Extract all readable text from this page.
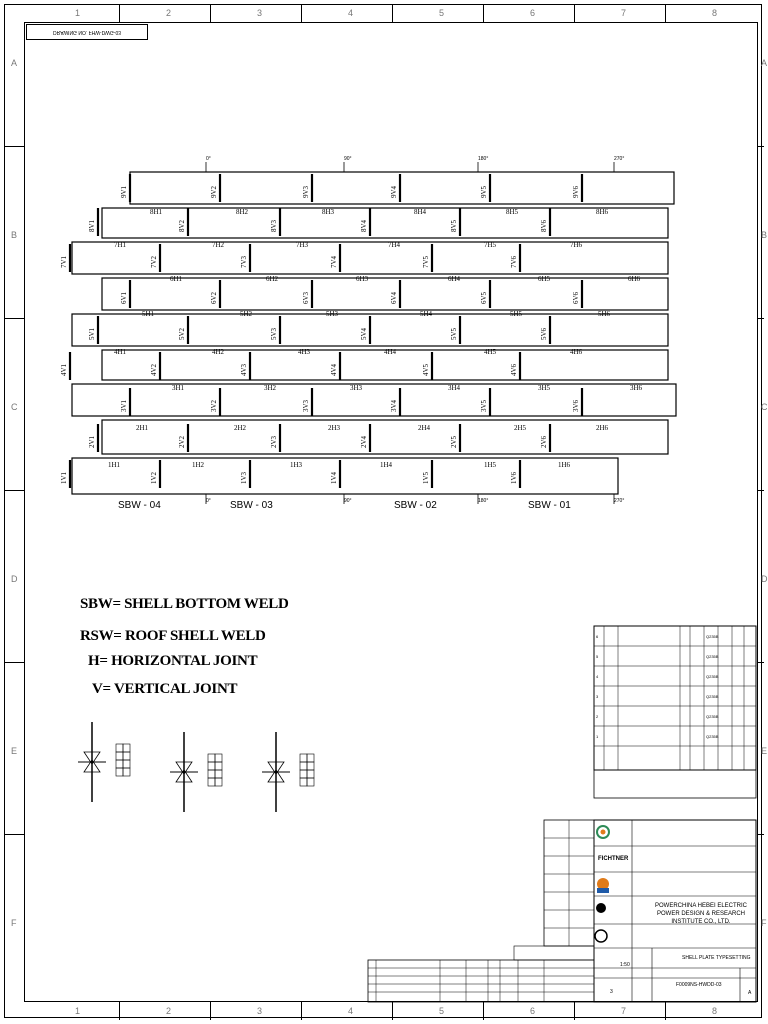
1
1
2
2
3
3
4
4
5
5
6
6
7
7
8
8
A	A
B	B
C	C
D	D
E	E
F	F
DRAWING NO. FHW-DWG-03
8H1	8H2	8H3	8H4	8H5	8H6
7H1	7H2	7H3	7H4	7H5	7H6
6H1	6H2	6H3	6H4	6H5	6H6
5H1	5H2	5H3	5H4	5H5	5H6
4H1	4H2	4H3	4H4	4H5	4H6
3H1	3H2	3H3	3H4	3H5	3H6
2H1	2H2	2H3	2H4	2H5	2H6
1H1	1H2	1H3	1H4	1H5	1H6
9V1	9V2	9V3	9V4	9V5	9V6
8V1	8V2	8V3	8V4	8V5	8V6
7V1	7V2	7V3	7V4	7V5	7V6
6V1	6V2	6V3	6V4	6V5	6V6
5V1	5V2	5V3	5V4	5V5	5V6
4V1	4V2	4V3	4V4	4V5	4V6
3V1	3V2	3V3	3V4	3V5	3V6
2V1	2V2	2V3	2V4	2V5	2V6
1V1	1V2	1V3	1V4	1V5	1V6
0°
0°
90°
90°
180°
180°
270°
270°
SBW - 04	SBW - 03	SBW - 02	SBW - 01
6	Q235B
5	Q235B
4	Q235B
3	Q235B
2	Q235B
1	Q235B
SBW= SHELL BOTTOM WELD
RSW= ROOF SHELL WELD
H= HORIZONTAL JOINT
V= VERTICAL JOINT
FICHTNER
POWERCHINA HEBEI ELECTRIC POWER DESIGN & RESEARCH INSTITUTE CO., LTD.
SHELL PLATE TYPESETTING
1:50
3
F0009NS-HWDD-03
A
